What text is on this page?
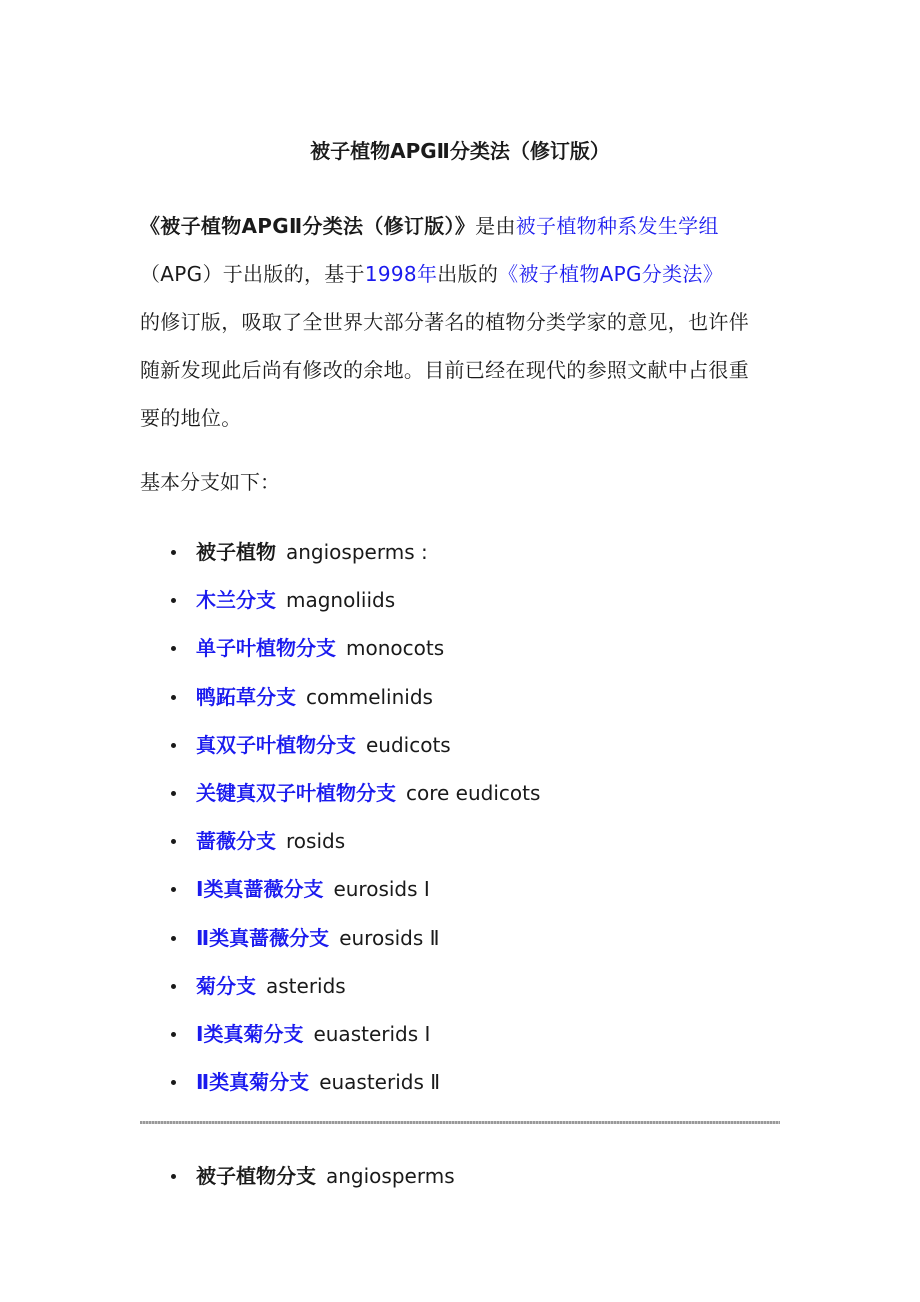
被子植物APGⅡ分类法（修订版）
《被子植物APGⅡ分类法（修订版）》是由被子植物种系发生学组
（APG）于出版的，基于1998年出版的《被子植物APG分类法》
的修订版，吸取了全世界大部分著名的植物分类学家的意见，也许伴
随新发现此后尚有修改的余地。目前已经在现代的参照文献中占很重
要的地位。
基本分支如下：
被子植物 angiosperms :
木兰分支 magnoliids
单子叶植物分支 monocots
鸭跖草分支 commelinids
真双子叶植物分支 eudicots
关键真双子叶植物分支 core eudicots
蔷薇分支 rosids
Ⅰ类真蔷薇分支 eurosids Ⅰ
Ⅱ类真蔷薇分支 eurosids Ⅱ
菊分支 asterids
Ⅰ类真菊分支 euasterids Ⅰ
Ⅱ类真菊分支 euasterids Ⅱ
被子植物分支 angiosperms
